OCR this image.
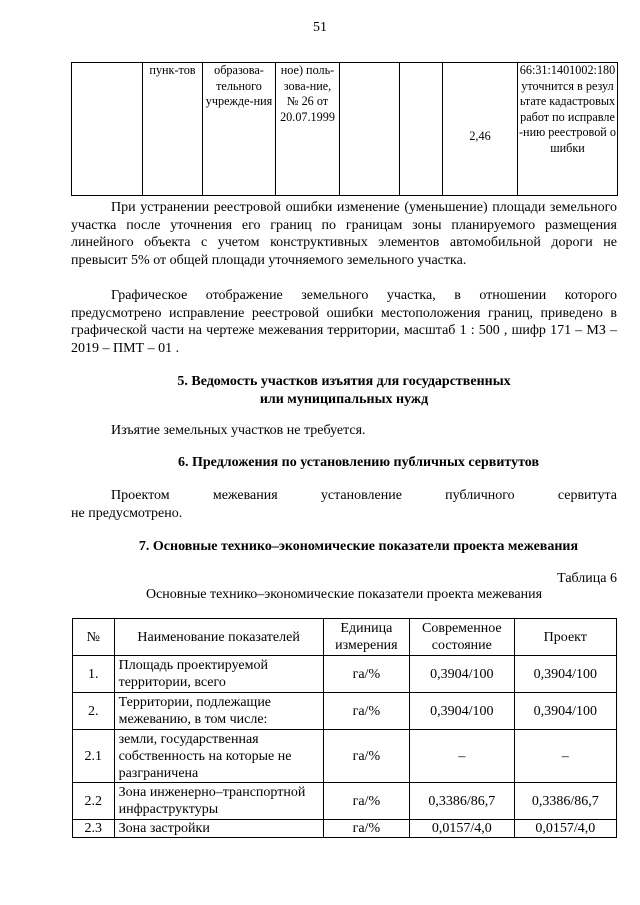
51
	пунк-тов	образова-тельного учрежде-ния	ное) поль-зова-ние, № 26 от 20.07.1999			2,46	66:31:1401002:180 уточнится в результате кадастровых работ по исправле-нию реестровой ошибки

При устранении реестровой ошибки изменение (уменьшение) площади земельного участка после уточнения его границ по границам зоны планируемого размещения линейного объекта с учетом конструктивных элементов автомобильной дороги не превысит 5% от общей площади уточняемого земельного участка.

Графическое отображение земельного участка, в отношении которого предусмотрено исправление реестровой ошибки местоположения границ, приведено в графической части на чертеже межевания территории, масштаб 1 : 500 , шифр 171 – МЗ – 2019 – ПМТ – 01 .

5. Ведомость участков изъятия для государственных
или муниципальных нужд

Изъятие земельных участков не требуется.

6. Предложения по установлению публичных сервитутов

Проектом	межевания	установление	публичного	сервитута
не предусмотрено.

7. Основные технико–экономические показатели проекта межевания

Таблица 6
Основные технико–экономические показатели проекта межевания
№	Наименование показателей	Единица измерения	Современное состояние	Проект
1.	Площадь проектируемой территории, всего	га/%	0,3904/100	0,3904/100
2.	Территории, подлежащие межеванию, в том числе:	га/%	0,3904/100	0,3904/100
2.1	земли, государственная собственность на которые не разграничена	га/%	–	–
2.2	Зона инженерно–транспортной инфраструктуры	га/%	0,3386/86,7	0,3386/86,7
2.3	Зона застройки	га/%	0,0157/4,0	0,0157/4,0
